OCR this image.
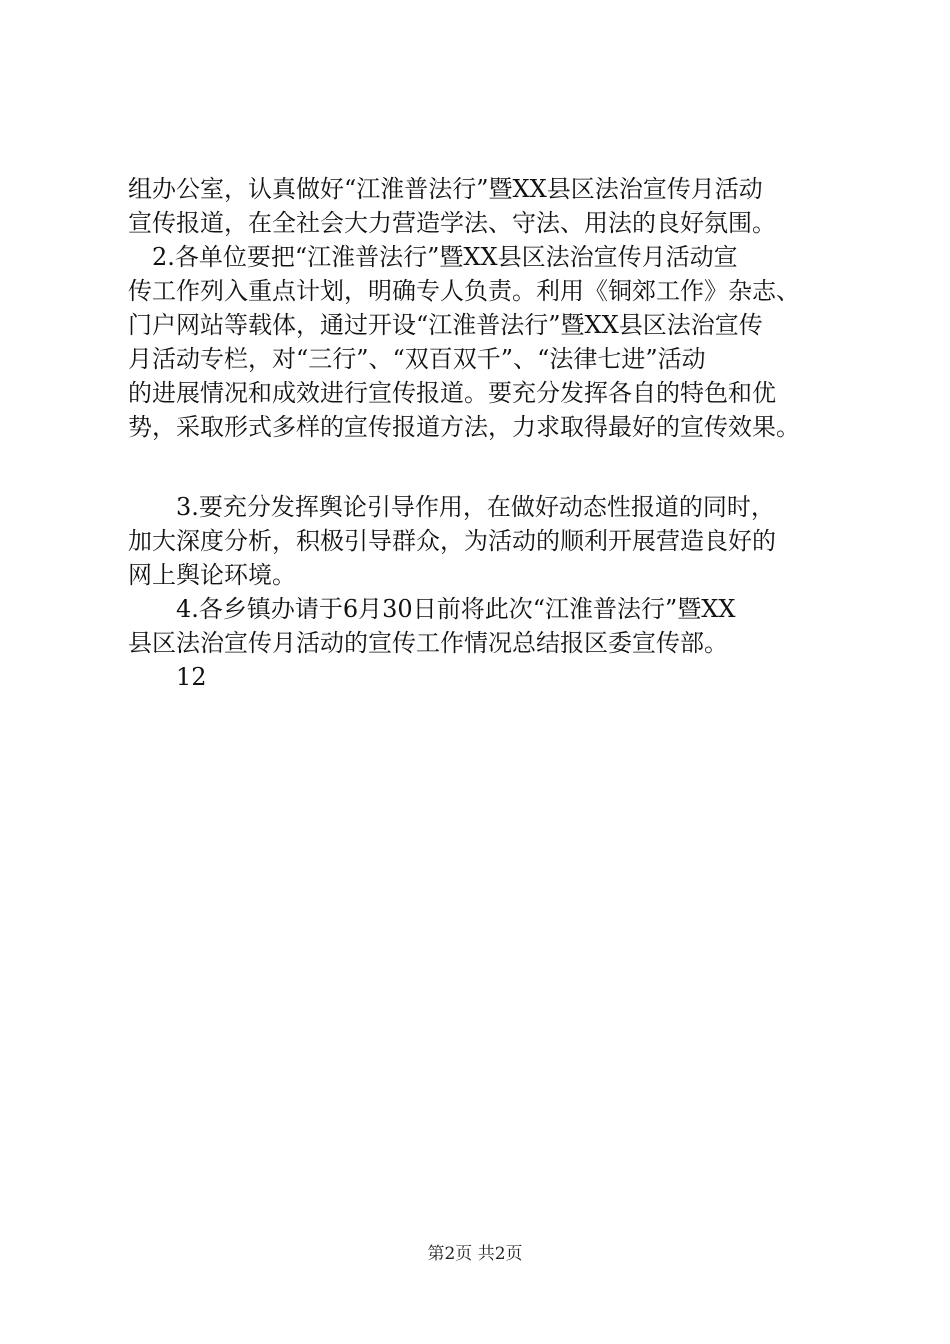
组办公室，认真做好“江淮普法行”暨XX县区法治宣传月活动
宣传报道，在全社会大力营造学法、守法、用法的良好氛围。

　2.各单位要把“江淮普法行”暨XX县区法治宣传月活动宣
传工作列入重点计划，明确专人负责。利用《铜郊工作》杂志、
门户网站等载体，通过开设“江淮普法行”暨XX县区法治宣传
月活动专栏，对“三行”、“双百双千”、“法律七进”活动
的进展情况和成效进行宣传报道。要充分发挥各自的特色和优
势，采取形式多样的宣传报道方法，力求取得最好的宣传效果。

　　3.要充分发挥舆论引导作用，在做好动态性报道的同时，
加大深度分析，积极引导群众，为活动的顺利开展营造良好的
网上舆论环境。

　　4.各乡镇办请于6月30日前将此次“江淮普法行”暨XX
县区法治宣传月活动的宣传工作情况总结报区委宣传部。

　　12

第2页 共2页
